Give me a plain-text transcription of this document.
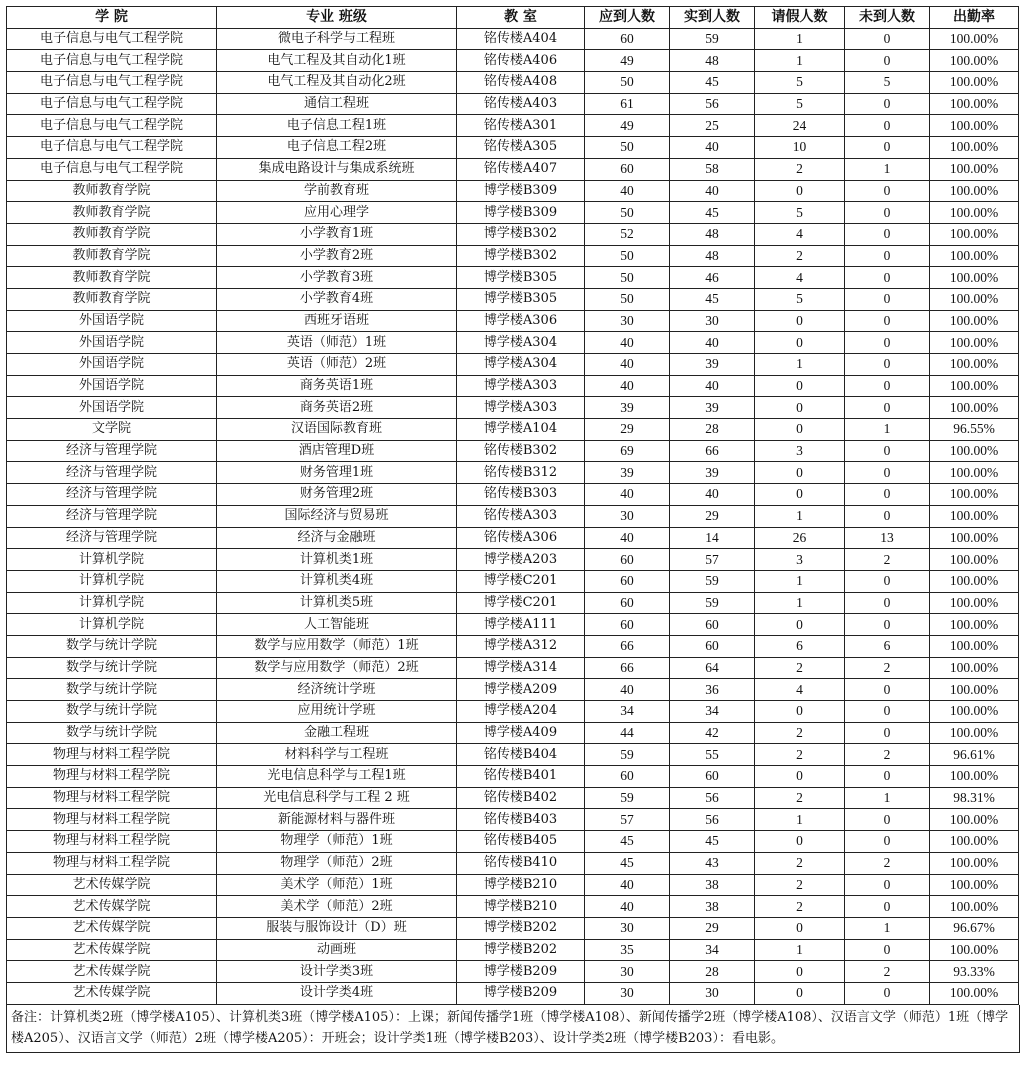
学 院	专业 班级	教 室	应到人数	实到人数	请假人数	未到人数	出勤率
电子信息与电气工程学院	微电子科学与工程班	铭传楼A404	60	59	1	0	100.00%
电子信息与电气工程学院	电气工程及其自动化1班	铭传楼A406	49	48	1	0	100.00%
电子信息与电气工程学院	电气工程及其自动化2班	铭传楼A408	50	45	5	5	100.00%
电子信息与电气工程学院	通信工程班	铭传楼A403	61	56	5	0	100.00%
电子信息与电气工程学院	电子信息工程1班	铭传楼A301	49	25	24	0	100.00%
电子信息与电气工程学院	电子信息工程2班	铭传楼A305	50	40	10	0	100.00%
电子信息与电气工程学院	集成电路设计与集成系统班	铭传楼A407	60	58	2	1	100.00%
教师教育学院	学前教育班	博学楼B309	40	40	0	0	100.00%
教师教育学院	应用心理学	博学楼B309	50	45	5	0	100.00%
教师教育学院	小学教育1班	博学楼B302	52	48	4	0	100.00%
教师教育学院	小学教育2班	博学楼B302	50	48	2	0	100.00%
教师教育学院	小学教育3班	博学楼B305	50	46	4	0	100.00%
教师教育学院	小学教育4班	博学楼B305	50	45	5	0	100.00%
外国语学院	西班牙语班	博学楼A306	30	30	0	0	100.00%
外国语学院	英语（师范）1班	博学楼A304	40	40	0	0	100.00%
外国语学院	英语（师范）2班	博学楼A304	40	39	1	0	100.00%
外国语学院	商务英语1班	博学楼A303	40	40	0	0	100.00%
外国语学院	商务英语2班	博学楼A303	39	39	0	0	100.00%
文学院	汉语国际教育班	博学楼A104	29	28	0	1	96.55%
经济与管理学院	酒店管理D班	铭传楼B302	69	66	3	0	100.00%
经济与管理学院	财务管理1班	铭传楼B312	39	39	0	0	100.00%
经济与管理学院	财务管理2班	铭传楼B303	40	40	0	0	100.00%
经济与管理学院	国际经济与贸易班	铭传楼A303	30	29	1	0	100.00%
经济与管理学院	经济与金融班	铭传楼A306	40	14	26	13	100.00%
计算机学院	计算机类1班	博学楼A203	60	57	3	2	100.00%
计算机学院	计算机类4班	博学楼C201	60	59	1	0	100.00%
计算机学院	计算机类5班	博学楼C201	60	59	1	0	100.00%
计算机学院	人工智能班	博学楼A111	60	60	0	0	100.00%
数学与统计学院	数学与应用数学（师范）1班	博学楼A312	66	60	6	6	100.00%
数学与统计学院	数学与应用数学（师范）2班	博学楼A314	66	64	2	2	100.00%
数学与统计学院	经济统计学班	博学楼A209	40	36	4	0	100.00%
数学与统计学院	应用统计学班	博学楼A204	34	34	0	0	100.00%
数学与统计学院	金融工程班	博学楼A409	44	42	2	0	100.00%
物理与材料工程学院	材料科学与工程班	铭传楼B404	59	55	2	2	96.61%
物理与材料工程学院	光电信息科学与工程1班	铭传楼B401	60	60	0	0	100.00%
物理与材料工程学院	光电信息科学与工程 2 班	铭传楼B402	59	56	2	1	98.31%
物理与材料工程学院	新能源材料与器件班	铭传楼B403	57	56	1	0	100.00%
物理与材料工程学院	物理学（师范）1班	铭传楼B405	45	45	0	0	100.00%
物理与材料工程学院	物理学（师范）2班	铭传楼B410	45	43	2	2	100.00%
艺术传媒学院	美术学（师范）1班	博学楼B210	40	38	2	0	100.00%
艺术传媒学院	美术学（师范）2班	博学楼B210	40	38	2	0	100.00%
艺术传媒学院	服装与服饰设计（D）班	博学楼B202	30	29	0	1	96.67%
艺术传媒学院	动画班	博学楼B202	35	34	1	0	100.00%
艺术传媒学院	设计学类3班	博学楼B209	30	28	0	2	93.33%
艺术传媒学院	设计学类4班	博学楼B209	30	30	0	0	100.00%
备注：计算机类2班（博学楼A105）、计算机类3班（博学楼A105）：上课；新闻传播学1班（博学楼A108）、新闻传播学2班（博学楼A108）、汉语言文学（师范）1班（博学楼A205）、汉语言文学（师范）2班（博学楼A205）：开班会；设计学类1班（博学楼B203）、设计学类2班（博学楼B203）：看电影。
